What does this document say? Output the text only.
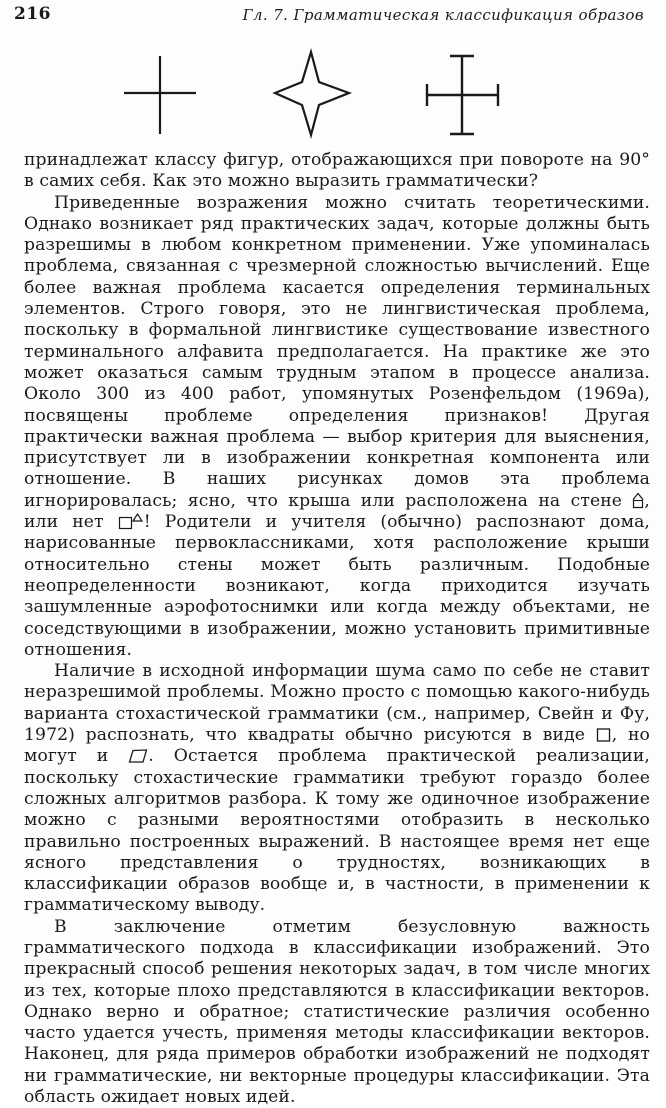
216	Гл. 7. Грамматическая классификация образов

принадлежат классу фигур, отображающихся при повороте на 90° в самих себя. Как это можно выразить грамматически?

Приведенные возражения можно считать теоретическими. Однако возникает ряд практических задач, которые должны быть разрешимы в любом конкретном применении. Уже упоминалась проблема, связанная с чрезмерной сложностью вычислений. Еще более важная проблема касается определения терминальных элементов. Строго говоря, это не лингвистическая проблема, поскольку в формальной лингвистике существование известного терминального алфавита предполагается. На практике же это может оказаться самым трудным этапом в процессе анализа. Около 300 из 400 работ, упомянутых Розенфельдом (1969а), посвящены проблеме определения признаков! Другая практически важная проблема — выбор критерия для выяснения, присутствует ли в изображении конкретная компонента или отношение. В наших рисунках домов эта проблема игнорировалась; ясно, что крыша или расположена на стене , или нет ! Родители и учителя (обычно) распознают дома, нарисованные первоклассниками, хотя расположение крыши относительно стены может быть различным. Подобные неопределенности возникают, когда приходится изучать зашумленные аэрофотоснимки или когда между объектами, не соседствующими в изображении, можно установить примитивные отношения.

Наличие в исходной информации шума само по себе не ставит неразрешимой проблемы. Можно просто с помощью какого-нибудь варианта стохастической грамматики (см., например, Свейн и Фу, 1972) распознать, что квадраты обычно рисуются в виде , но могут и . Остается проблема практической реализации, поскольку стохастические грамматики требуют гораздо более сложных алгоритмов разбора. К тому же одиночное изображение можно с разными вероятностями отобразить в несколько правильно построенных выражений. В настоящее время нет еще ясного представления о трудностях, возникающих в классификации образов вообще и, в частности, в применении к грамматическому выводу.

В заключение отметим безусловную важность грамматического подхода в классификации изображений. Это прекрасный способ решения некоторых задач, в том числе многих из тех, которые плохо представляются в классификации векторов. Однако верно и обратное; статистические различия особенно часто удается учесть, применяя методы классификации векторов. Наконец, для ряда примеров обработки изображений не подходят ни грамматические, ни векторные процедуры классификации. Эта область ожидает новых идей.
